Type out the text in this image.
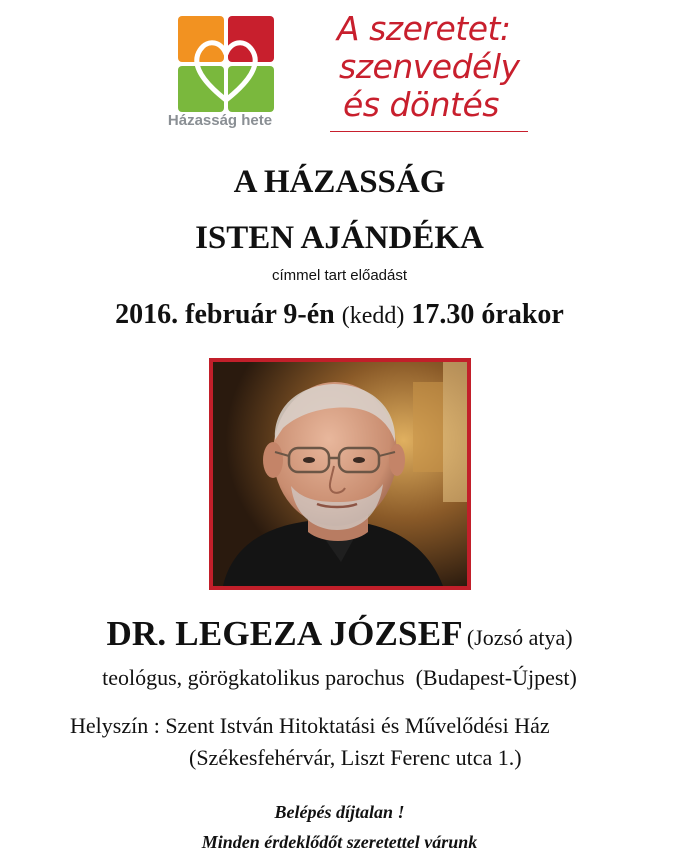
Házasság hete
A szeretet:
szenvedély
és döntés
A HÁZASSÁG
ISTEN AJÁNDÉKA
címmel tart előadást
2016. február 9-én (kedd) 17.30 órakor
DR. LEGEZA JÓZSEF (Jozsó atya)
teológus, görögkatolikus parochus  (Budapest-Újpest)
Helyszín : Szent István Hitoktatási és Művelődési Ház
(Székesfehérvár, Liszt Ferenc utca 1.)
Belépés díjtalan !
Minden érdeklődőt szeretettel várunk
